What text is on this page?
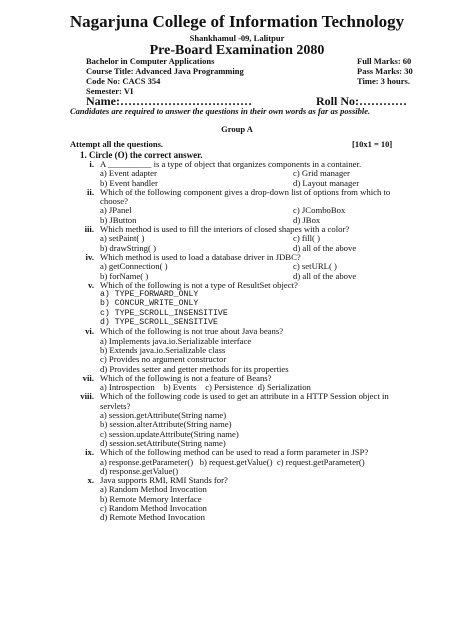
Nagarjuna College of Information Technology
Shankhamul -09, Lalitpur
Pre-Board Examination 2080
Bachelor in Computer Applications
Course Title: Advanced Java Programming
Code No: CACS 354
Semester: VI
Full Marks: 60
Pass Marks: 30
Time: 3 hours.
Name:……………………………	Roll No:…………
Candidates are required to answer the questions in their own words as far as possible.
Group A
Attempt all the questions.	[10x1 = 10]
1. Circle (O) the correct answer.
i. A __________ is a type of object that organizes components in a container.
a) Event adapter	c) Grid manager
b) Event handler	d) Layout manager
ii. Which of the following component gives a drop-down list of options from which to choose?
a) JPanel	c) JComboBox
b) JButton	d) JBox
iii. Which method is used to fill the interiors of closed shapes with a color?
a) setPaint( )	c) fill( )
b) drawString( )	d) all of the above
iv. Which method is used to load a database driver in JDBC?
a) getConnection( )	c) setURL( )
b) forName( )	d) all of the above
v. Which of the following is not a type of ResultSet object?
a) TYPE_FORWARD_ONLY
b) CONCUR_WRITE_ONLY
c) TYPE_SCROLL_INSENSITIVE
d) TYPE_SCROLL_SENSITIVE
vi. Which of the following is not true about Java beans?
a) Implements java.io.Serializable interface
b) Extends java.io.Serializable class
c) Provides no argument constructor
d) Provides setter and getter methods for its properties
vii. Which of the following is not a feature of Beans?
a) Introspection b) Events c) Persistence d) Serialization
viii. Which of the following code is used to get an attribute in a HTTP Session object in servlets?
a) session.getAttribute(String name)
b) session.alterAttribute(String name)
c) session.updateAttribute(String name)
d) session.setAttribute(String name)
ix. Which of the following method can be used to read a form parameter in JSP?
a) response.getParameter() b) request.getValue() c) request.getParameter()
d) response.getValue()
x. Java supports RMI, RMI Stands for?
a) Random Method Invocation
b) Remote Memory Interface
c) Random Method Invocation
d) Remote Method Invocation
